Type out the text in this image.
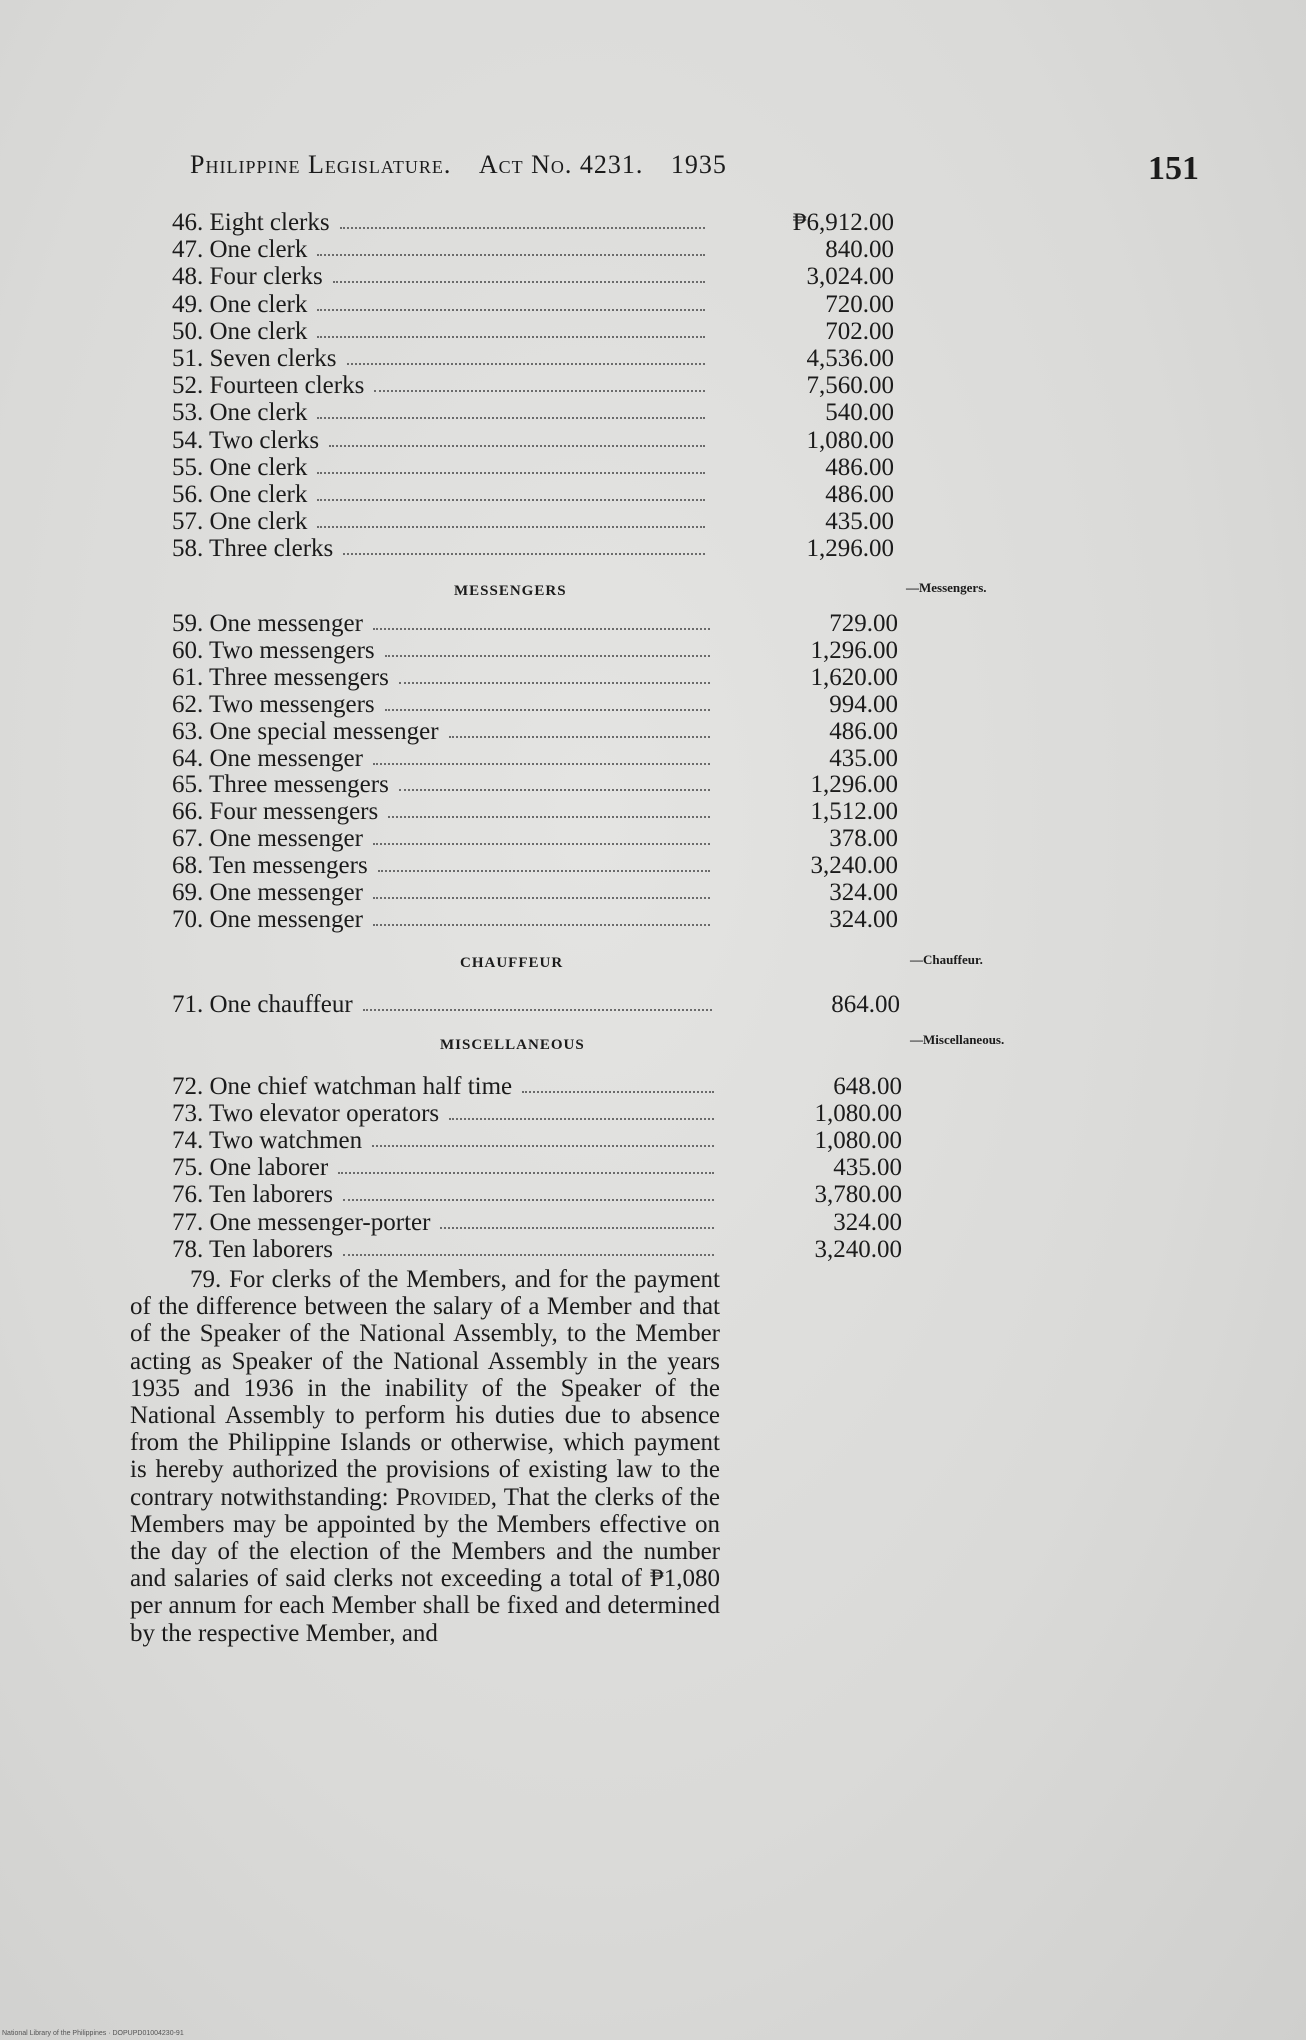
Philippine Legislature. Act No. 4231. 1935	151
46. Eight clerks	₱6,912.00
47. One clerk	840.00
48. Four clerks	3,024.00
49. One clerk	720.00
50. One clerk	702.00
51. Seven clerks	4,536.00
52. Fourteen clerks	7,560.00
53. One clerk	540.00
54. Two clerks	1,080.00
55. One clerk	486.00
56. One clerk	486.00
57. One clerk	435.00
58. Three clerks	1,296.00
MESSENGERS	—Messengers.
59. One messenger	729.00
60. Two messengers	1,296.00
61. Three messengers	1,620.00
62. Two messengers	994.00
63. One special messenger	486.00
64. One messenger	435.00
65. Three messengers	1,296.00
66. Four messengers	1,512.00
67. One messenger	378.00
68. Ten messengers	3,240.00
69. One messenger	324.00
70. One messenger	324.00
CHAUFFEUR	—Chauffeur.
71. One chauffeur	864.00
MISCELLANEOUS	—Miscellaneous.
72. One chief watchman half time	648.00
73. Two elevator operators	1,080.00
74. Two watchmen	1,080.00
75. One laborer	435.00
76. Ten laborers	3,780.00
77. One messenger-porter	324.00
78. Ten laborers	3,240.00
79. For clerks of the Members, and for the payment of the difference between the salary of a Member and that of the Speaker of the National Assembly, to the Member acting as Speaker of the National Assembly in the years 1935 and 1936 in the inability of the Speaker of the National Assembly to perform his duties due to absence from the Philippine Islands or otherwise, which payment is hereby authorized the provisions of existing law to the contrary notwithstanding: Provided, That the clerks of the Members may be appointed by the Members effective on the day of the election of the Members and the number and salaries of said clerks not exceeding a total of ₱1,080 per annum for each Member shall be fixed and determined by the respective Member, and
National Library of the Philippines · DOPUPD01004230-91
